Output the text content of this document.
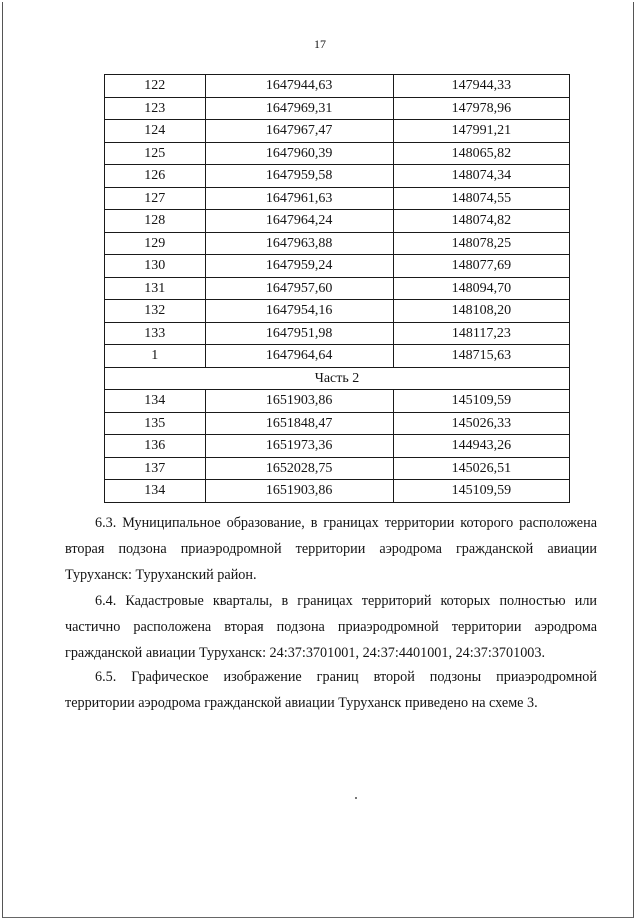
17
122	1647944,63	147944,33
123	1647969,31	147978,96
124	1647967,47	147991,21
125	1647960,39	148065,82
126	1647959,58	148074,34
127	1647961,63	148074,55
128	1647964,24	148074,82
129	1647963,88	148078,25
130	1647959,24	148077,69
131	1647957,60	148094,70
132	1647954,16	148108,20
133	1647951,98	148117,23
1	1647964,64	148715,63
Часть 2		
134	1651903,86	145109,59
135	1651848,47	145026,33
136	1651973,36	144943,26
137	1652028,75	145026,51
134	1651903,86	145109,59

6.3. Муниципальное образование, в границах территории которого расположена вторая подзона приаэродромной территории аэродрома гражданской авиации Туруханск: Туруханский район.

6.4. Кадастровые кварталы, в границах территорий которых полностью или частично расположена вторая подзона приаэродромной территории аэродрома гражданской авиации Туруханск: 24:37:3701001, 24:37:4401001, 24:37:3701003.

6.5. Графическое изображение границ второй подзоны приаэродромной территории аэродрома гражданской авиации Туруханск приведено на схеме 3.
